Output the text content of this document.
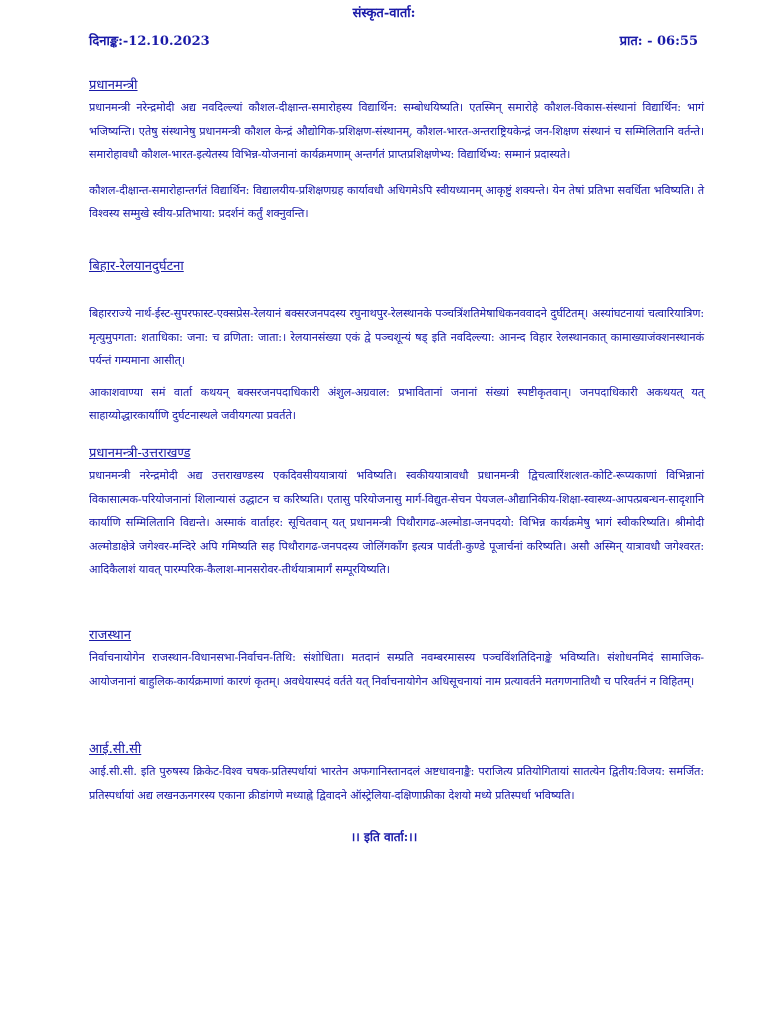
संस्कृत-वार्ता:
दिनाङ्क:-12.10.2023	प्रात: - 06:55
प्रधानमन्त्री

प्रधानमन्त्री नरेन्द्रमोदी अद्य नवदिल्ल्यां कौशल-दीक्षान्त-समारोहस्य विद्यार्थिन: सम्बोधयिष्यति। एतस्मिन् समारोहे कौशल-विकास-संस्थानां विद्यार्थिन: भागं भजिष्यन्ति। एतेषु संस्थानेषु प्रधानमन्त्री कौशल केन्द्रं औद्योगिक-प्रशिक्षण-संस्थानम्, कौशल-भारत-अन्तराष्ट्रियकेन्द्रं जन-शिक्षण संस्थानं च सम्मिलितानि वर्तन्ते। समारोहावधौ कौशल-भारत-इत्येतस्य विभिन्न-योजनानां कार्यक्रमणाम् अन्तर्गतं प्राप्तप्रशिक्षणेभ्य: विद्यार्थिभ्य: सम्मानं प्रदास्यते।

कौशल-दीक्षान्त-समारोहान्तर्गतं विद्यार्थिन: विद्यालयीय-प्रशिक्षणग्रह कार्यावधौ अधिगमेऽपि स्वीयध्यानम् आकृष्टुं शक्यन्ते। येन तेषां प्रतिभा सवर्धिता भविष्यति। ते विश्वस्य सम्मुखे स्वीय-प्रतिभाया: प्रदर्शनं कर्तुं शक्नुवन्ति।

बिहार-रेलयानदुर्घटना

बिहारराज्ये नार्थ-ईस्ट-सुपरफास्ट-एक्सप्रेस-रेलयानं बक्सरजनपदस्य रघुनाथपुर-रेलस्थानके पञ्चत्रिंशतिमेषाधिकनववादने दुर्घटितम्। अस्यांघटनायां चत्वारियात्रिण: मृत्युमुपगता: शताधिका: जना: च व्रणिता: जाता:। रेलयानसंख्या एकं द्वे पञ्चशून्यं षड् इति नवदिल्ल्या: आनन्द विहार रेलस्थानकात् कामाख्याजंक्शनस्थानकं पर्यन्तं गम्यमाना आसीत्।

आकाशवाण्या समं वार्ता कथयन् बक्सरजनपदाधिकारी अंशुल-अग्रवाल: प्रभावितानां जनानां संख्यां स्पष्टीकृतवान्। जनपदाधिकारी अकथयत् यत् साहाय्योद्धारकार्याणि दुर्घटनास्थले जवीयगत्या प्रवर्तते।

प्रधानमन्त्री-उत्तराखण्ड

प्रधानमन्त्री नरेन्द्रमोदी अद्य उत्तराखण्डस्य एकदिवसीययात्रायां भविष्यति। स्वकीययात्रावधौ प्रधानमन्त्री द्विचत्वारिंशत्शत-कोटि-रूप्यकाणां विभिन्नानां विकासात्मक-परियोजनानां शिलान्यासं उद्धाटन च करिष्यति। एतासु परियोजनासु मार्ग-विद्युत-सेचन पेयजल-औद्यानिकीय-शिक्षा-स्वास्थ्य-आपत्प्रबन्धन-सादृशानि कार्याणि सम्मिलितानि विद्यन्ते। अस्माकं वार्ताहर: सूचितवान् यत् प्रधानमन्त्री पिथौरागढ-अल्मोडा-जनपदयो: विभिन्न कार्यक्रमेषु भागं स्वीकरिष्यति। श्रीमोदी अल्मोडाक्षेत्रे जगेश्वर-मन्दिरे अपि गमिष्यति सह पिथौरागढ-जनपदस्य जोलिंगकाँग इत्यत्र पार्वती-कुण्डे पूजार्चनां करिष्यति। असौ अस्मिन् यात्रावधौ जगेश्वरत: आदिकैलाशं यावत् पारम्परिक-कैलाश-मानसरोवर-तीर्थयात्रामार्गं सम्पूरयिष्यति।

राजस्थान

निर्वाचनायोगेन राजस्थान-विधानसभा-निर्वाचन-तिथि: संशोधिता। मतदानं सम्प्रति नवम्बरमासस्य पञ्चविंशतिदिनाङ्के भविष्यति। संशोधनमिदं सामाजिक-आयोजनानां बाहुलिक-कार्यक्रमाणां कारणं कृतम्। अवधेयास्पदं वर्तते यत् निर्वाचनायोगेन अधिसूचनायां नाम प्रत्यावर्तने मतगणनातिथौ च परिवर्तनं न विहितम्।

आई.सी.सी

आई.सी.सी. इति पुरुषस्य क्रिकेट-विश्व चषक-प्रतिस्पर्धायां भारतेन अफगानिस्तानदलं अष्टधावनाङ्कै: पराजित्य प्रतियोगितायां सातत्येन द्वितीय:विजय: समर्जित: प्रतिस्पर्धायां अद्य लखनऊनगरस्य एकाना क्रीडांगणे मध्याह्ने द्विवादने ऑस्ट्रेलिया-दक्षिणाफ्रीका देशयो मध्ये प्रतिस्पर्धा भविष्यति।

।। इति वार्ता:।।
